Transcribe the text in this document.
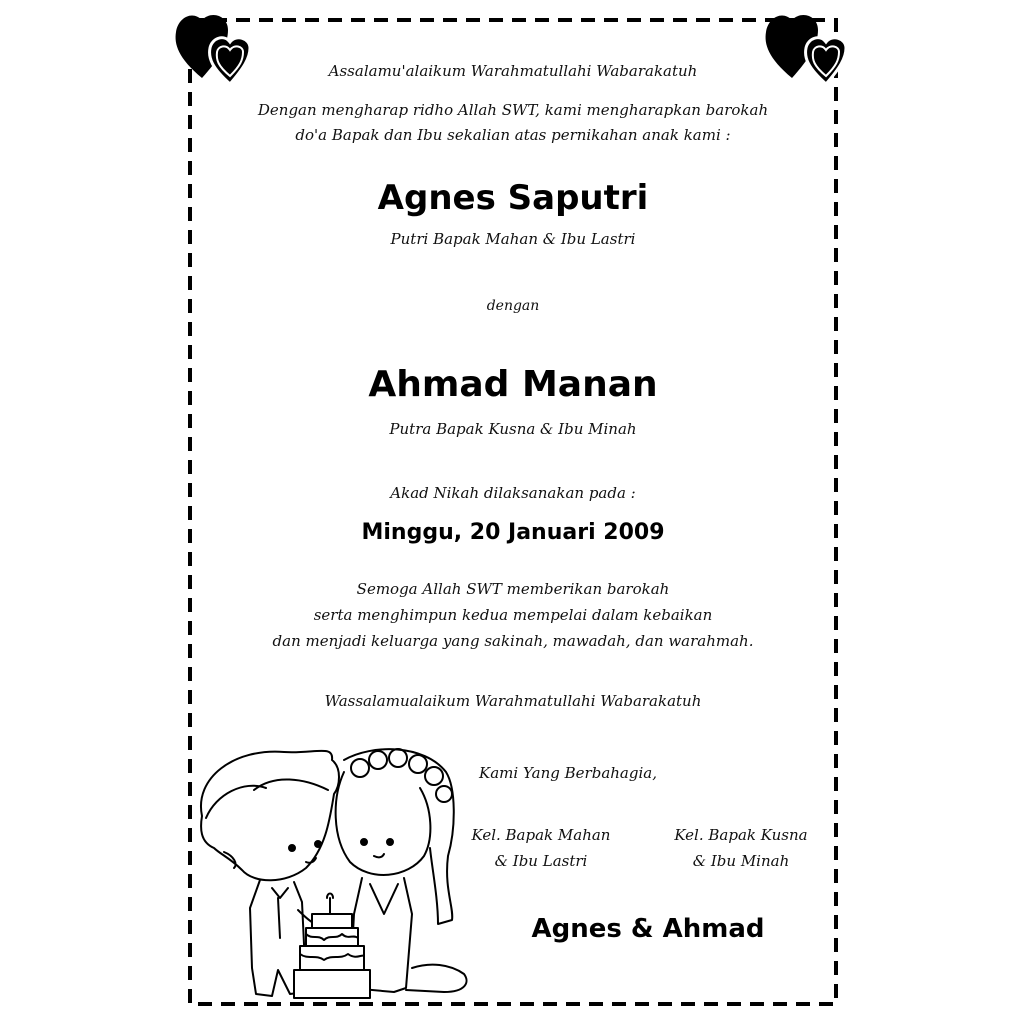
Assalamu'alaikum Warahmatullahi Wabarakatuh
Dengan mengharap ridho Allah SWT, kami mengharapkan barokah
do'a Bapak dan Ibu sekalian atas pernikahan anak kami :
Agnes Saputri
Putri Bapak Mahan & Ibu Lastri
dengan
Ahmad Manan
Putra Bapak Kusna & Ibu Minah
Akad Nikah dilaksanakan pada :
Minggu, 20 Januari 2009
Semoga Allah SWT memberikan barokah
serta menghimpun kedua mempelai dalam kebaikan
dan menjadi keluarga yang sakinah, mawadah, dan warahmah.
Wassalamualaikum Warahmatullahi Wabarakatuh
Kami Yang Berbahagia,
Kel. Bapak Mahan
& Ibu Lastri
Kel. Bapak Kusna
& Ibu Minah
Agnes & Ahmad
